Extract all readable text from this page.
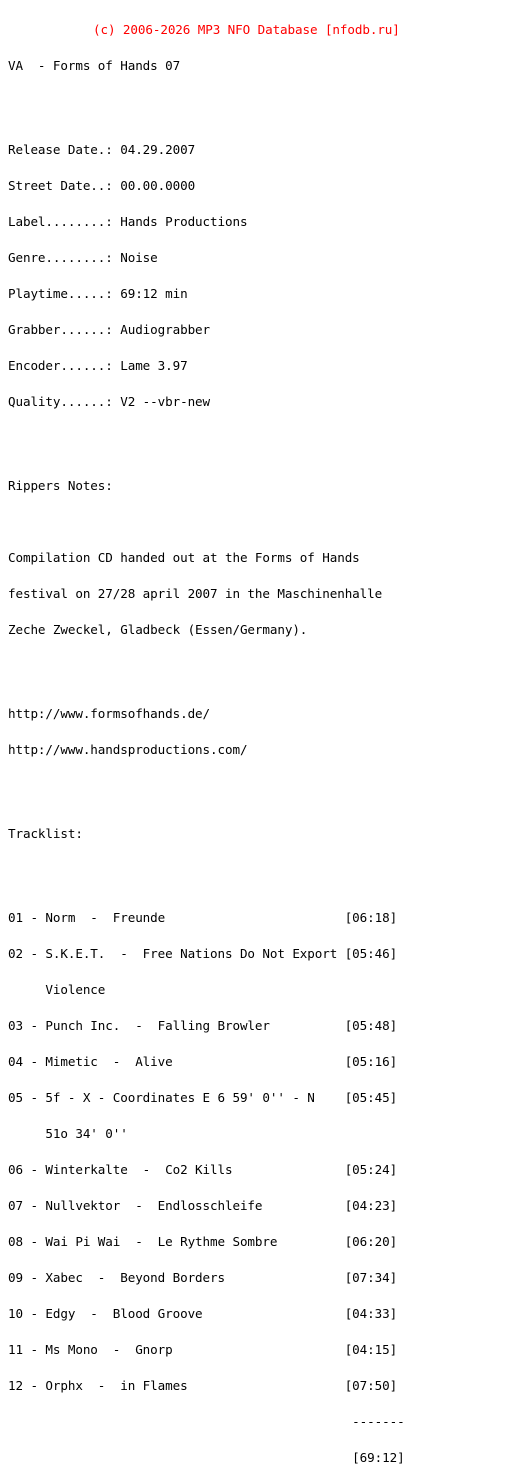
(c) 2006-2026 MP3 NFO Database [nfodb.ru]

VA  - Forms of Hands 07

Release Date.: 04.29.2007

Street Date..: 00.00.0000

Label........: Hands Productions

Genre........: Noise

Playtime.....: 69:12 min

Grabber......: Audiograbber

Encoder......: Lame 3.97

Quality......: V2 --vbr-new

Rippers Notes:

Compilation CD handed out at the Forms of Hands

festival on 27/28 april 2007 in the Maschinenhalle

Zeche Zweckel, Gladbeck (Essen/Germany).

http://www.formsofhands.de/

http://www.handsproductions.com/

Tracklist:

01 - Norm  -  Freunde                        [06:18]

02 - S.K.E.T.  -  Free Nations Do Not Export [05:46]

Violence

03 - Punch Inc.  -  Falling Browler          [05:48]

04 - Mimetic  -  Alive                       [05:16]

05 - 5f - X - Coordinates E 6 59' 0'' - N    [05:45]

51o 34' 0''

06 - Winterkalte  -  Co2 Kills               [05:24]

07 - Nullvektor  -  Endlosschleife           [04:23]

08 - Wai Pi Wai  -  Le Rythme Sombre         [06:20]

09 - Xabec  -  Beyond Borders                [07:34]

10 - Edgy  -  Blood Groove                   [04:33]

11 - Ms Mono  -  Gnorp                       [04:15]

12 - Orphx  -  in Flames                     [07:50]

-------

[69:12]
